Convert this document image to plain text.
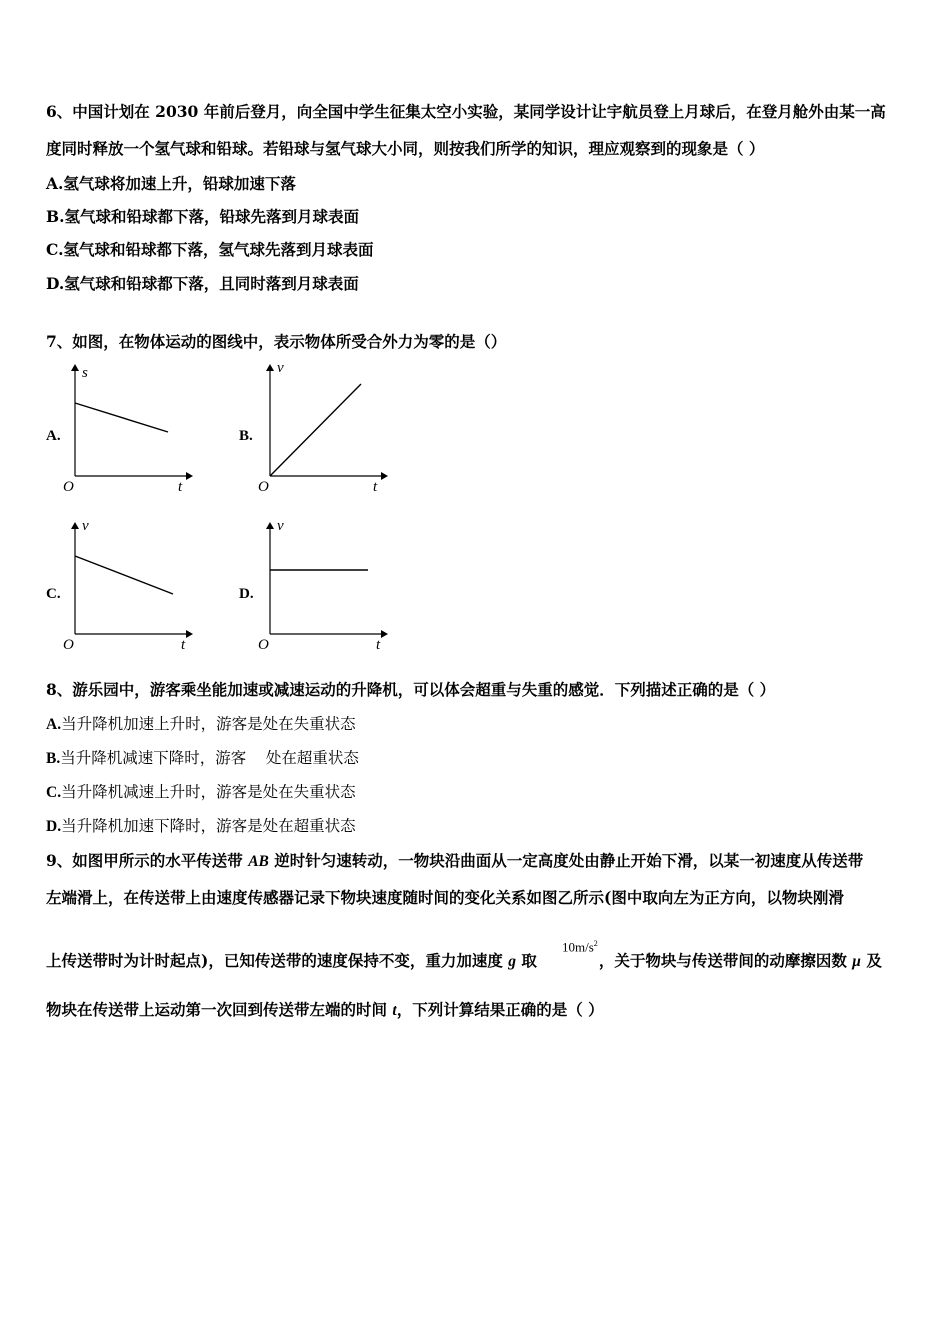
6、中国计划在 2030 年前后登月，向全国中学生征集太空小实验，某同学设计让宇航员登上月球后，在登月舱外由某一高
度同时释放一个氢气球和铅球。若铅球与氢气球大小同，则按我们所学的知识，理应观察到的现象是（ ）
A.氢气球将加速上升，铅球加速下落
B.氢气球和铅球都下落，铅球先落到月球表面
C.氢气球和铅球都下落，氢气球先落到月球表面
D.氢气球和铅球都下落，且同时落到月球表面
7、如图，在物体运动的图线中，表示物体所受合外力为零的是（）
A.
s
t
O
B.
v
t
O
C.
v
t
O
D.
v
t
O
8、游乐园中，游客乘坐能加速或减速运动的升降机，可以体会超重与失重的感觉．下列描述正确的是（ ）
A.当升降机加速上升时，游客是处在失重状态
B.当升降机减速下降时，游客    处在超重状态
C.当升降机减速上升时，游客是处在失重状态
D.当升降机加速下降时，游客是处在超重状态
9、如图甲所示的水平传送带 AB 逆时针匀速转动，一物块沿曲面从一定高度处由静止开始下滑，以某一初速度从传送带
左端滑上，在传送带上由速度传感器记录下物块速度随时间的变化关系如图乙所示(图中取向左为正方向，以物块刚滑
上传送带时为计时起点)，已知传送带的速度保持不变，重力加速度 g 取	，关于物块与传送带间的动摩擦因数 μ 及
$10m/s^2$
物块在传送带上运动第一次回到传送带左端的时间 t，下列计算结果正确的是（ ）
